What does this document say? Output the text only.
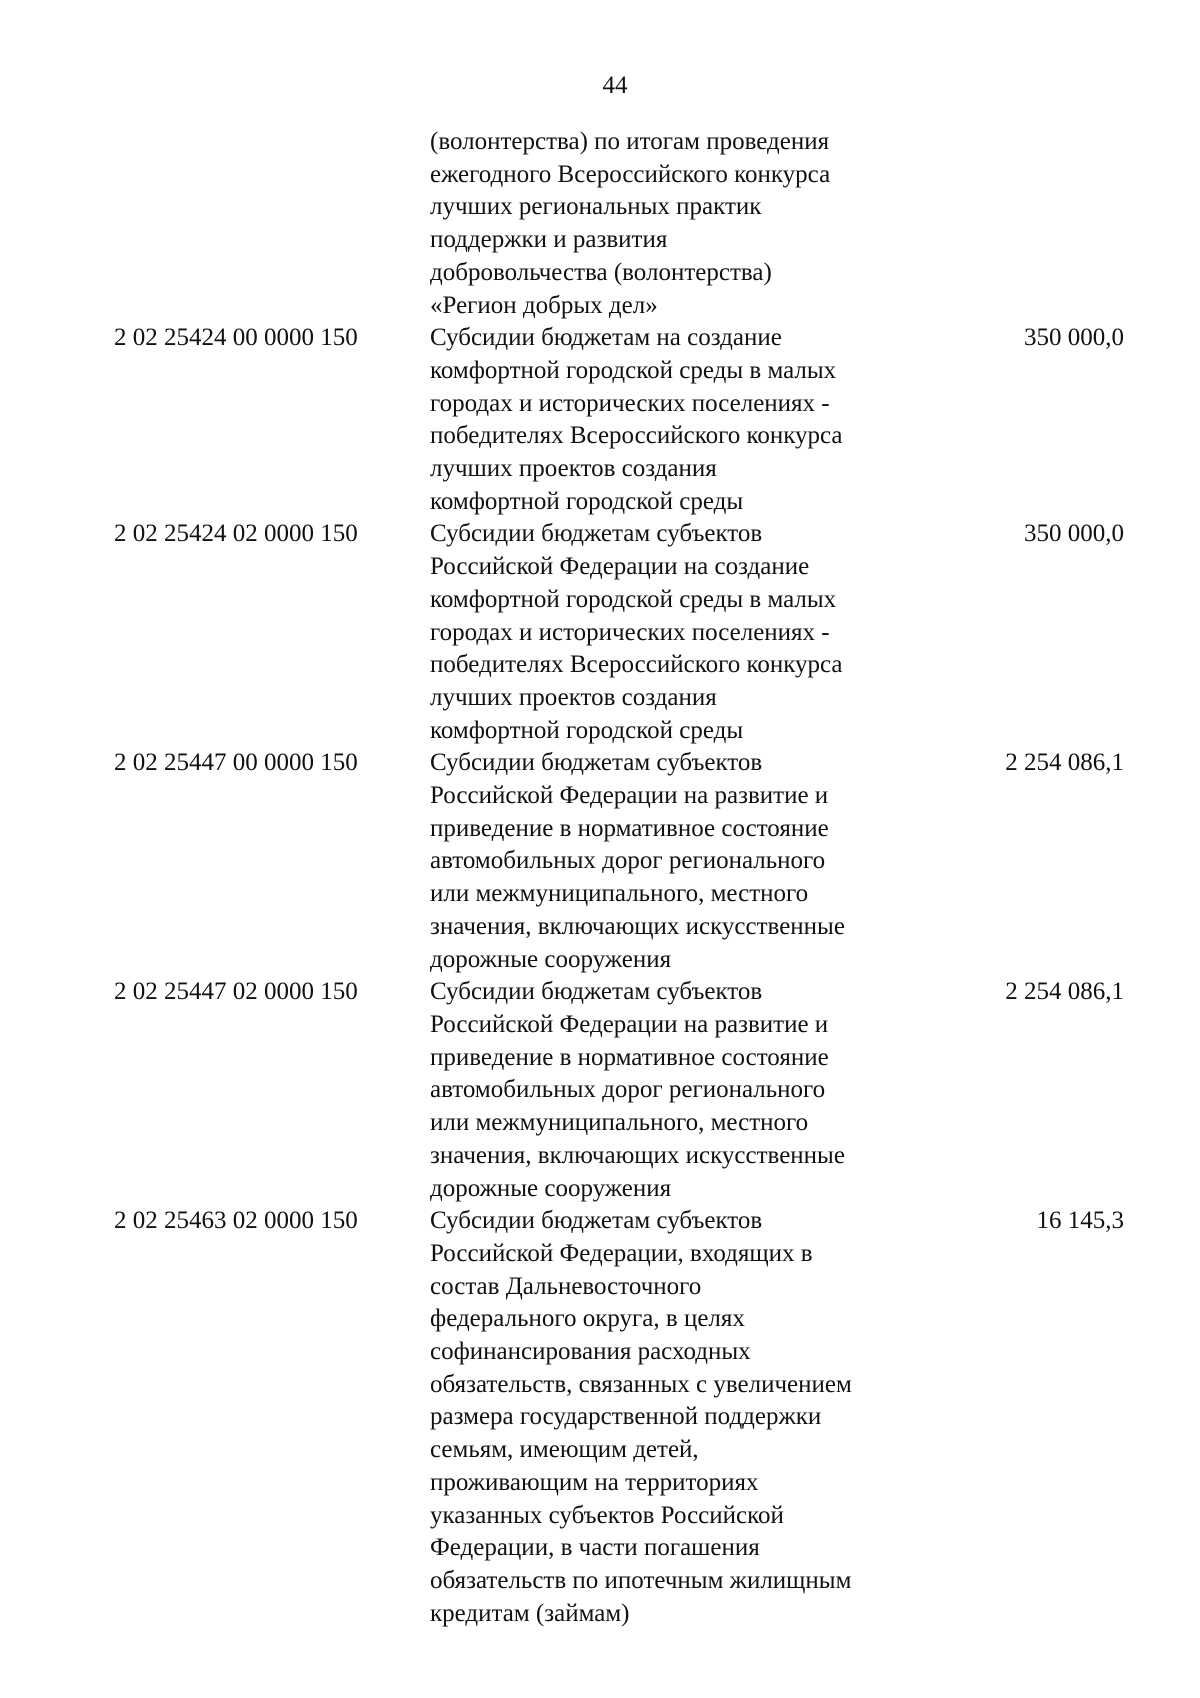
44
(волонтерства) по итогам проведения
ежегодного Всероссийского конкурса
лучших региональных практик
поддержки и развития
добровольчества (волонтерства)
«Регион добрых дел»
2 02 25424 00 0000 150	Субсидии бюджетам на создание
комфортной городской среды в малых
городах и исторических поселениях -
победителях Всероссийского конкурса
лучших проектов создания
комфортной городской среды
350 000,0
2 02 25424 02 0000 150	Субсидии бюджетам субъектов
Российской Федерации на создание
комфортной городской среды в малых
городах и исторических поселениях -
победителях Всероссийского конкурса
лучших проектов создания
комфортной городской среды
350 000,0
2 02 25447 00 0000 150	Субсидии бюджетам субъектов
Российской Федерации на развитие и
приведение в нормативное состояние
автомобильных дорог регионального
или межмуниципального, местного
значения, включающих искусственные
дорожные сооружения
2 254 086,1
2 02 25447 02 0000 150	Субсидии бюджетам субъектов
Российской Федерации на развитие и
приведение в нормативное состояние
автомобильных дорог регионального
или межмуниципального, местного
значения, включающих искусственные
дорожные сооружения
2 254 086,1
2 02 25463 02 0000 150	Субсидии бюджетам субъектов
Российской Федерации, входящих в
состав Дальневосточного
федерального округа, в целях
софинансирования расходных
обязательств, связанных с увеличением
размера государственной поддержки
семьям, имеющим детей,
проживающим на территориях
указанных субъектов Российской
Федерации, в части погашения
обязательств по ипотечным жилищным
кредитам (займам)
16 145,3
